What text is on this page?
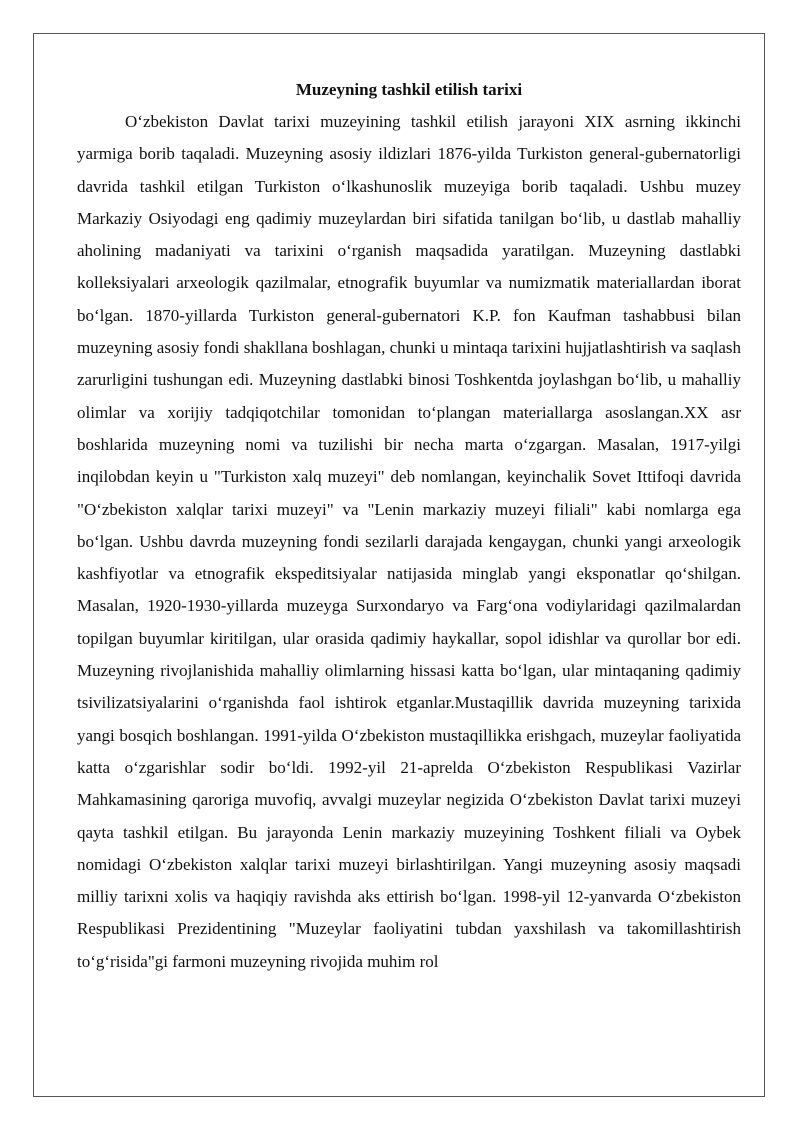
Muzeyning tashkil etilish tarixi

O‘zbekiston Davlat tarixi muzeyining tashkil etilish jarayoni XIX asrning ikkinchi yarmiga borib taqaladi. Muzeyning asosiy ildizlari 1876-yilda Turkiston general-gubernatorligi davrida tashkil etilgan Turkiston o‘lkashunoslik muzeyiga borib taqaladi. Ushbu muzey Markaziy Osiyodagi eng qadimiy muzeylardan biri sifatida tanilgan bo‘lib, u dastlab mahalliy aholining madaniyati va tarixini o‘rganish maqsadida yaratilgan. Muzeyning dastlabki kolleksiyalari arxeologik qazilmalar, etnografik buyumlar va numizmatik materiallardan iborat bo‘lgan. 1870-yillarda Turkiston general-gubernatori K.P. fon Kaufman tashabbusi bilan muzeyning asosiy fondi shakllana boshlagan, chunki u mintaqa tarixini hujjatlashtirish va saqlash zarurligini tushungan edi. Muzeyning dastlabki binosi Toshkentda joylashgan bo‘lib, u mahalliy olimlar va xorijiy tadqiqotchilar tomonidan to‘plangan materiallarga asoslangan.XX asr boshlarida muzeyning nomi va tuzilishi bir necha marta o‘zgargan. Masalan, 1917-yilgi inqilobdan keyin u "Turkiston xalq muzeyi" deb nomlangan, keyinchalik Sovet Ittifoqi davrida "O‘zbekiston xalqlar tarixi muzeyi" va "Lenin markaziy muzeyi filiali" kabi nomlarga ega bo‘lgan. Ushbu davrda muzeyning fondi sezilarli darajada kengaygan, chunki yangi arxeologik kashfiyotlar va etnografik ekspeditsiyalar natijasida minglab yangi eksponatlar qo‘shilgan. Masalan, 1920-1930-yillarda muzeyga Surxondaryo va Farg‘ona vodiylaridagi qazilmalardan topilgan buyumlar kiritilgan, ular orasida qadimiy haykallar, sopol idishlar va qurollar bor edi. Muzeyning rivojlanishida mahalliy olimlarning hissasi katta bo‘lgan, ular mintaqaning qadimiy tsivilizatsiyalarini o‘rganishda faol ishtirok etganlar.Mustaqillik davrida muzeyning tarixida yangi bosqich boshlangan. 1991-yilda O‘zbekiston mustaqillikka erishgach, muzeylar faoliyatida katta o‘zgarishlar sodir bo‘ldi. 1992-yil 21-aprelda O‘zbekiston Respublikasi Vazirlar Mahkamasining qaroriga muvofiq, avvalgi muzeylar negizida O‘zbekiston Davlat tarixi muzeyi qayta tashkil etilgan. Bu jarayonda Lenin markaziy muzeyining Toshkent filiali va Oybek nomidagi O‘zbekiston xalqlar tarixi muzeyi birlashtirilgan. Yangi muzeyning asosiy maqsadi milliy tarixni xolis va haqiqiy ravishda aks ettirish bo‘lgan. 1998-yil 12-yanvarda O‘zbekiston Respublikasi Prezidentining "Muzeylar faoliyatini tubdan yaxshilash va takomillashtirish to‘g‘risida"gi farmoni muzeyning rivojida muhim rol
